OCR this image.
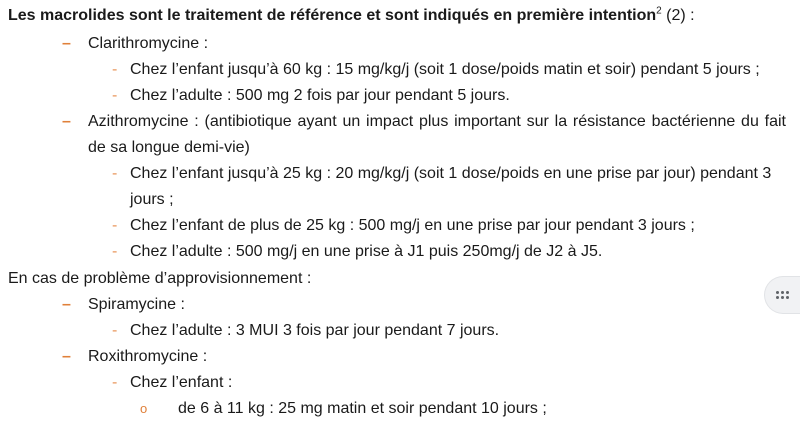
Les macrolides sont le traitement de référence et sont indiqués en première intention$^2$ (2) :
– Clarithromycine :
- Chez l’enfant jusqu’à 60 kg : 15 mg/kg/j (soit 1 dose/poids matin et soir) pendant 5 jours ;
- Chez l’adulte : 500 mg 2 fois par jour pendant 5 jours.
– Azithromycine : (antibiotique ayant un impact plus important sur la résistance bactérienne du fait de sa longue demi-vie)
- Chez l’enfant jusqu’à 25 kg : 20 mg/kg/j (soit 1 dose/poids en une prise par jour) pendant 3 jours ;
- Chez l’enfant de plus de 25 kg : 500 mg/j en une prise par jour pendant 3 jours ;
- Chez l’adulte : 500 mg/j en une prise à J1 puis 250mg/j de J2 à J5.
En cas de problème d’approvisionnement :
– Spiramycine :
- Chez l’adulte : 3 MUI 3 fois par jour pendant 7 jours.
– Roxithromycine :
- Chez l’enfant :
o de 6 à 11 kg : 25 mg matin et soir pendant 10 jours ;
